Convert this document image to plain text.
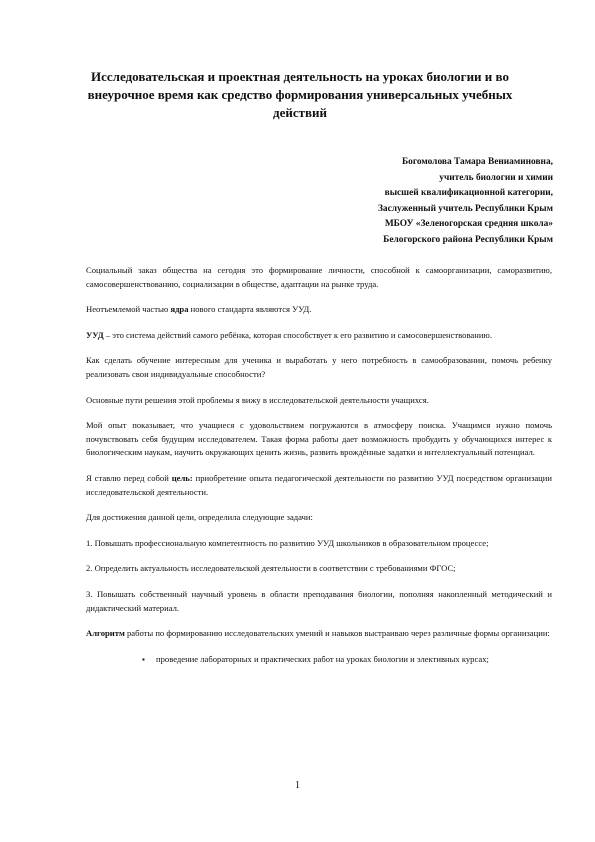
Исследовательская и проектная деятельность на уроках биологии и во внеурочное время как средство формирования универсальных учебных действий
Богомолова Тамара Вениаминовна,
учитель биологии и химии
высшей квалификационной категории,
Заслуженный учитель Республики Крым
МБОУ «Зеленогорская средняя школа»
Белогорского района Республики Крым

Социальный заказ общества на сегодня это формирование личности, способной к самоорганизации, саморазвитию, самосовершенствованию, социализации в обществе, адаптации на рынке труда.

Неотъемлемой частью ядра нового стандарта являются УУД.

УУД – это система действий самого ребёнка, которая способствует к его развитию и самосовершенствованию.

Как сделать обучение интересным для ученика и выработать у него потребность в самообразовании, помочь ребенку реализовать свои индивидуальные способности?

Основные пути решения этой проблемы я вижу в исследовательской деятельности учащихся.

Мой опыт показывает, что учащиеся с удовольствием погружаются в атмосферу поиска. Учащимся нужно помочь почувствовать себя будущим исследователем. Такая форма работы дает возможность пробудить у обучающихся интерес к биологическим наукам, научить окружающих ценить жизнь, развить врождённые задатки и интеллектуальный потенциал.

Я ставлю перед собой цель: приобретение опыта педагогической деятельности по развитию УУД посредством организации исследовательской деятельности.

Для достижения данной цели, определила следующие задачи:

1. Повышать профессиональную компетентность по развитию УУД школьников в образовательном процессе;

2. Определить актуальность исследовательской деятельности в соответствии с требованиями ФГОС;

3. Повышать собственный научный уровень в области преподавания биологии, пополняя накопленный методический и дидактический материал.

Алгоритм работы по формированию исследовательских умений и навыков выстраиваю через различные формы организации:

▪	проведение лабораторных и практических работ на уроках биологии и элективных курсах;
1
